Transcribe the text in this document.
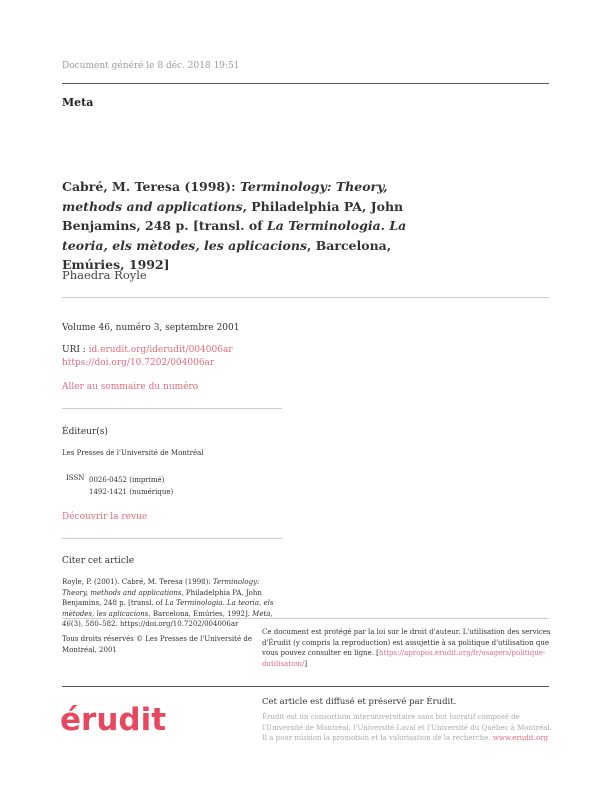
Document généré le 8 déc. 2018 19:51
Meta
Cabré, M. Teresa (1998): Terminology: Theory, methods and applications, Philadelphia PA, John Benjamins, 248 p. [transl. of La Terminologia. La teoria, els mètodes, les aplicacions, Barcelona, Emúries, 1992]
Phaedra Royle
Volume 46, numéro 3, septembre 2001
URI : id.erudit.org/iderudit/004006ar
https://doi.org/10.7202/004006ar
Aller au sommaire du numéro
Éditeur(s)
Les Presses de l'Université de Montréal
ISSN 0026-0452 (imprimé)
1492-1421 (numérique)
Découvrir la revue
Citer cet article
Royle, P. (2001). Cabré, M. Teresa (1998): Terminology: Theory, methods and applications, Philadelphia PA, John Benjamins, 248 p. [transl. of La Terminologia. La teoria, els mètodes, les aplicacions, Barcelona, Emúries, 1992]. Meta, 46(3), 580–582. https://doi.org/10.7202/004006ar
Tous droits réservés © Les Presses de l'Université de Montréal, 2001
Ce document est protégé par la loi sur le droit d'auteur. L'utilisation des services d'Érudit (y compris la reproduction) est assujettie à sa politique d'utilisation que vous pouvez consulter en ligne. [https://apropos.erudit.org/fr/usagers/politique-dutilisation/]
érudit	Cet article est diffusé et préservé par Érudit.
Érudit est un consortium interuniversitaire sans but lucratif composé de l'Université de Montréal, l'Université Laval et l'Université du Québec à Montréal. Il a pour mission la promotion et la valorisation de la recherche. www.erudit.org
